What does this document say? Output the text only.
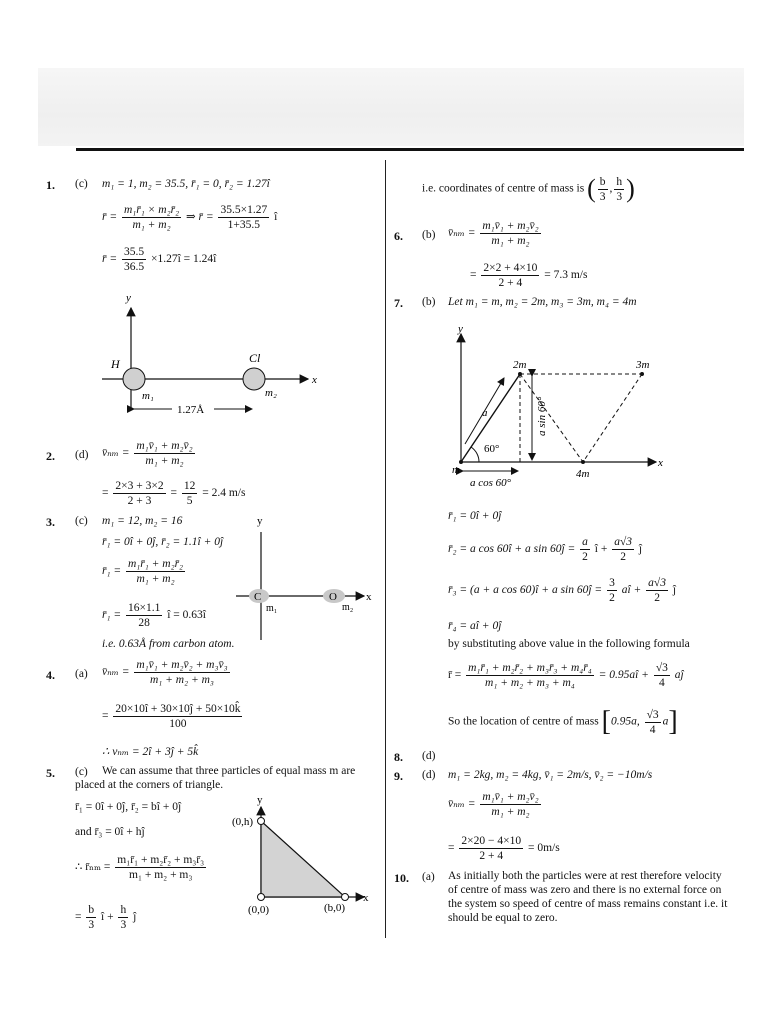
1. (c) m₁ = 1, m₂ = 35.5, r̄₁ = 0, r̄₂ = 1.27î
r̄ = $\frac{\text{m₁r̄₁ × m₂r̄₂}}{\text{m₁ + m₂}}$ ⇒ r̄ = $\frac{35.5\times 1.27}{1+35.5}$ î
r̄ = $\frac{35.5}{36.5}$ ×1.27î = 1.24î
y
x
H	Cl
m₁	m₂
1.27Å
2. (d) v̄ₙₘ = $\frac{\text{m₁v̄₁ + m₂v̄₂}}{\text{m₁ + m₂}}$
= $\frac{2\times 3 + 3\times 2}{2 + 3} = \frac{12}{5} = 2.4$ m/s
3. (c) m₁ = 12, m₂ = 16
r̄₁ = 0î + 0ĵ, r̄₂ = 1.1î + 0ĵ
r̄₁ = $\frac{\text{m₁r̄₁ + m₂r̄₂}}{\text{m₁ + m₂}}$
r̄₁ = $\frac{16\times 1.1}{28}$ î = 0.63î
i.e. 0.63Å from carbon atom.
y
x
C	O
m₁	m₂
4. (a) v̄ₙₘ = $\frac{\text{m₁v̄₁ + m₂v̄₂ + m₃v̄₃}}{\text{m₁ + m₂ + m₃}}$
= $\frac{20\times 10î + 30\times 10ĵ + 50\times 10k̂}{100}$
∴ vₙₘ = 2î + 3ĵ + 5k̂
5. (c)	We can assume that three particles of equal mass m are placed at the corners of triangle.
r̄₁ = 0î + 0ĵ, r̄₂ = bî + 0ĵ
and r̄₃ = 0î + hĵ
∴ r̄ₙₘ = $\frac{\text{m₁r̄₁ + m₂r̄₂ + m₃r̄₃}}{\text{m₁ + m₂ + m₃}}$
= $\frac{b}{3}$ î + $\frac{h}{3}$ ĵ
y
x
(0,h)
(0,0)	(b,0)
i.e. coordinates of centre of mass is ( $\frac{b}{3}$ , $\frac{h}{3}$ )
6. (b) v̄ₙₘ = $\frac{\text{m₁v̄₁ + m₂v̄₂}}{\text{m₁ + m₂}}$
= $\frac{2\times 2 + 4\times 10}{2 + 4} = 7.3$ m/s
7. (b) Let m₁ = m, m₂ = 2m, m₃ = 3m, m₄ = 4m
y
x
m
2m	3m
4m
a
60°
a sin 60°
a cos 60°
r̄₁ = 0î + 0ĵ
r̄₂ = a cos 60î + a sin 60ĵ = $\frac{a}{2}$ î + $\frac{a√3}{2}$ ĵ
r̄₃ = (a + a cos 60)î + a sin 60ĵ = $\frac{3}{2}$ aî + $\frac{a√3}{2}$ ĵ
r̄₄ = aî + 0ĵ
by substituting above value in the following formula
r̄ = $\frac{\text{m₁r̄₁ + m₂r̄₂ + m₃r̄₃ + m₄r̄₄}}{\text{m₁ + m₂ + m₃ + m₄}}$ = 0.95aî + $\frac{√3}{4}$ aĵ
So the location of centre of mass [0.95a, $\frac{√3}{4} a$]
8. (d)
9. (d) m₁ = 2kg, m₂ = 4kg, v̄₁ = 2m/s, v̄₂ = −10m/s
v̄ₙₘ = $\frac{\text{m₁v̄₁ + m₂v̄₂}}{\text{m₁ + m₂}}$
= $\frac{2\times 20 - 4\times 10}{2 + 4} = 0m/s$
10. (a) As initially both the particles were at rest therefore velocity of centre of mass was zero and there is no external force on the system so speed of centre of mass remains constant i.e. it should be equal to zero.
